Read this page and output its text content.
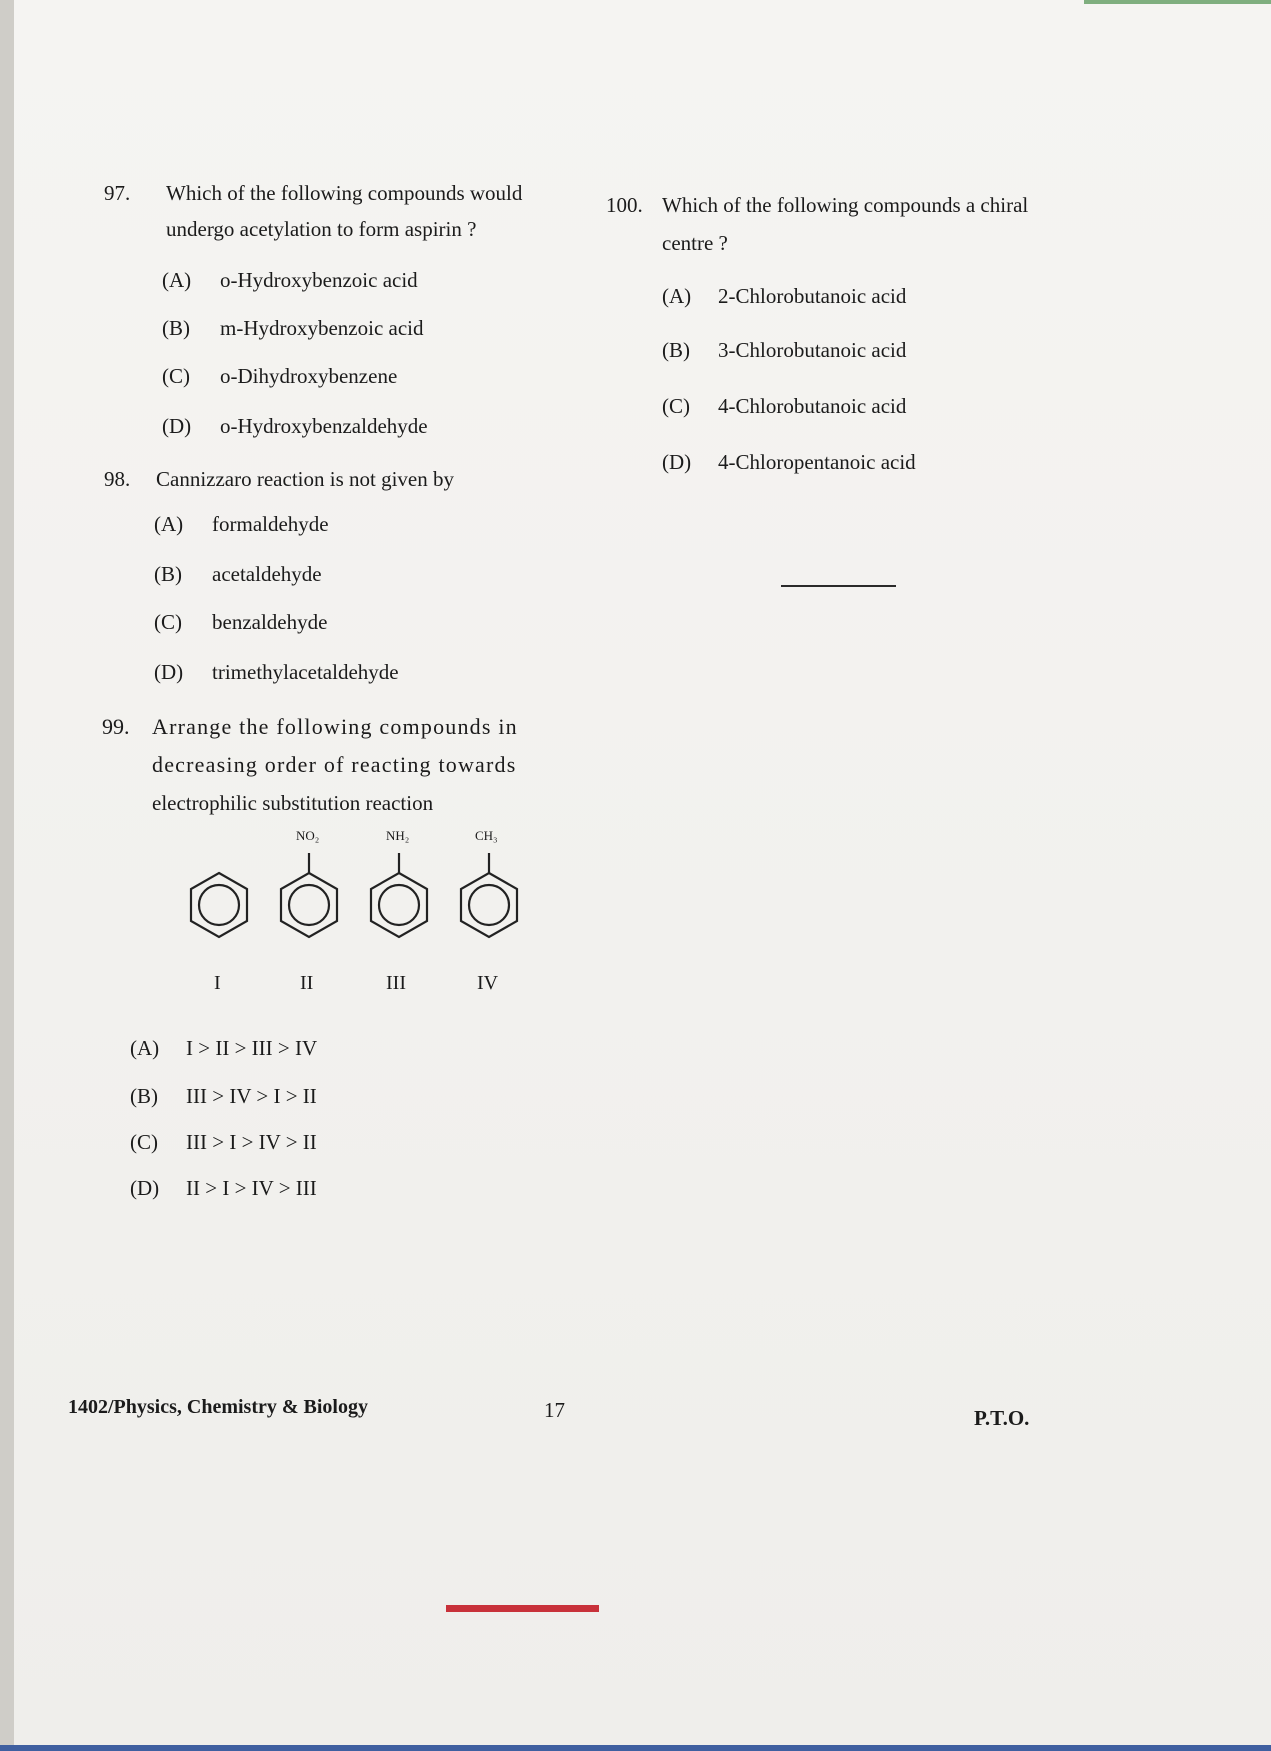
97. Which of the following compounds would
undergo acetylation to form aspirin ?
(A) o-Hydroxybenzoic acid
(B) m-Hydroxybenzoic acid
(C) o-Dihydroxybenzene
(D) o-Hydroxybenzaldehyde
98. Cannizzaro reaction is not given by
(A) formaldehyde
(B) acetaldehyde
(C) benzaldehyde
(D) trimethylacetaldehyde
99. Arrange the following compounds in
decreasing order of reacting towards
electrophilic substitution reaction
NO₂	NH₂	CH₃
I	II	III	IV
(A) I > II > III > IV
(B) III > IV > I > II
(C) III > I > IV > II
(D) II > I > IV > III
100. Which of the following compounds a chiral
centre ?
(A) 2-Chlorobutanoic acid
(B) 3-Chlorobutanoic acid
(C) 4-Chlorobutanoic acid
(D) 4-Chloropentanoic acid
1402/Physics, Chemistry & Biology	17	P.T.O.
